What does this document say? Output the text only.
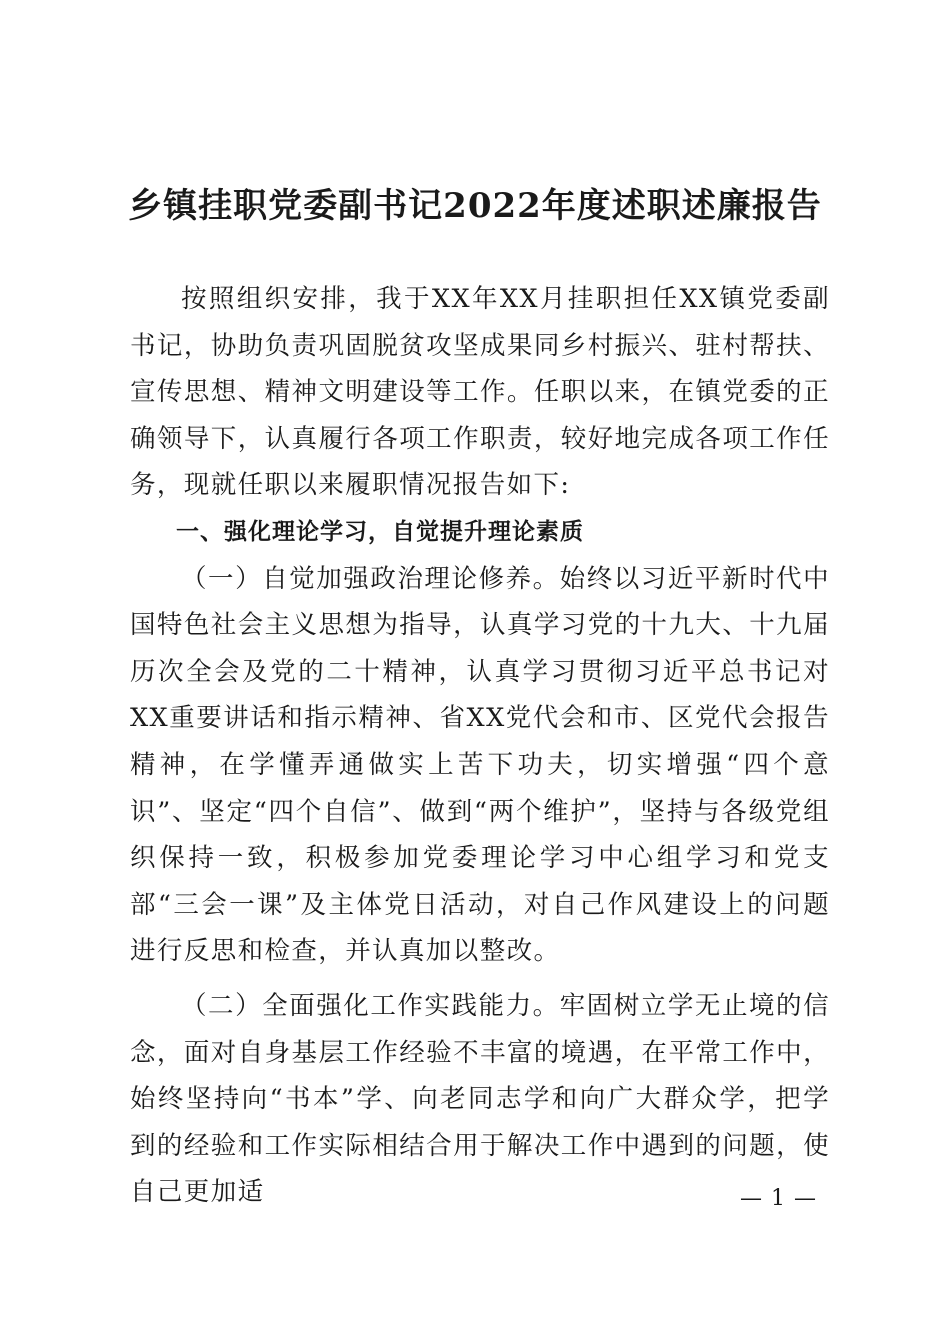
乡镇挂职党委副书记2022年度述职述廉报告

按照组织安排，我于XX年XX月挂职担任XX镇党委副书记，协助负责巩固脱贫攻坚成果同乡村振兴、驻村帮扶、宣传思想、精神文明建设等工作。任职以来，在镇党委的正确领导下，认真履行各项工作职责，较好地完成各项工作任务，现就任职以来履职情况报告如下:

一、强化理论学习，自觉提升理论素质

（一）自觉加强政治理论修养。始终以习近平新时代中国特色社会主义思想为指导，认真学习党的十九大、十九届历次全会及党的二十精神，认真学习贯彻习近平总书记对XX重要讲话和指示精神、省XX党代会和市、区党代会报告精神，在学懂弄通做实上苦下功夫，切实增强“四个意识”、坚定“四个自信”、做到“两个维护”，坚持与各级党组织保持一致，积极参加党委理论学习中心组学习和党支部“三会一课”及主体党日活动，对自己作风建设上的问题进行反思和检查，并认真加以整改。

（二）全面强化工作实践能力。牢固树立学无止境的信念，面对自身基层工作经验不丰富的境遇，在平常工作中，始终坚持向“书本”学、向老同志学和向广大群众学，把学到的经验和工作实际相结合用于解决工作中遇到的问题，使自己更加适	— 1 —
